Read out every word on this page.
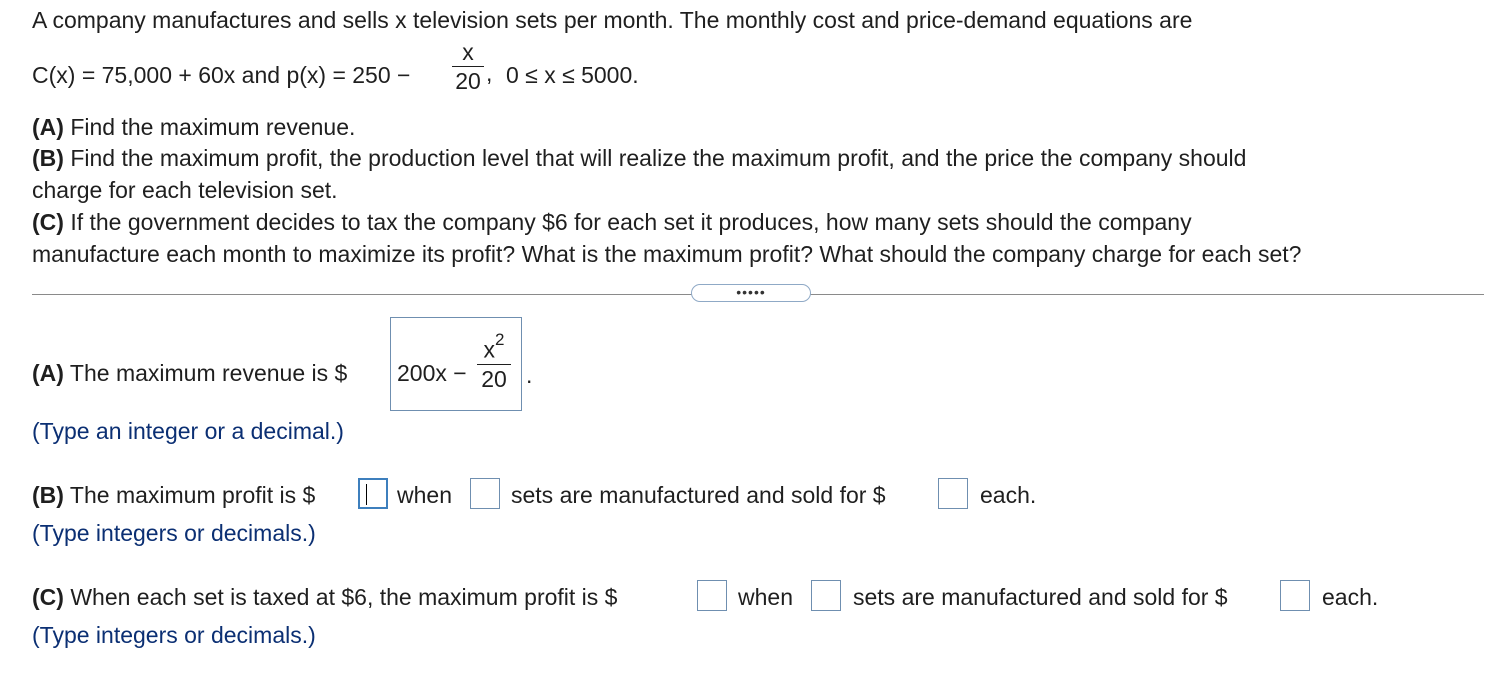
A company manufactures and sells x television sets per month. The monthly cost and price-demand equations are
C(x) = 75,000 + 60x and p(x) = 250 −
x
20 , 0 ≤ x ≤ 5000.
(A) Find the maximum revenue.
(B) Find the maximum profit, the production level that will realize the maximum profit, and the price the company should
charge for each television set.
(C) If the government decides to tax the company $6 for each set it produces, how many sets should the company
manufacture each month to maximize its profit? What is the maximum profit? What should the company charge for each set?
•••••
(A) The maximum revenue is $ 200x −
$x^2$
20 .
(Type an integer or a decimal.)
(B) The maximum profit is $	when	sets are manufactured and sold for $	each.
(Type integers or decimals.)
(C) When each set is taxed at $6, the maximum profit is $	when	sets are manufactured and sold for $	each.
(Type integers or decimals.)
